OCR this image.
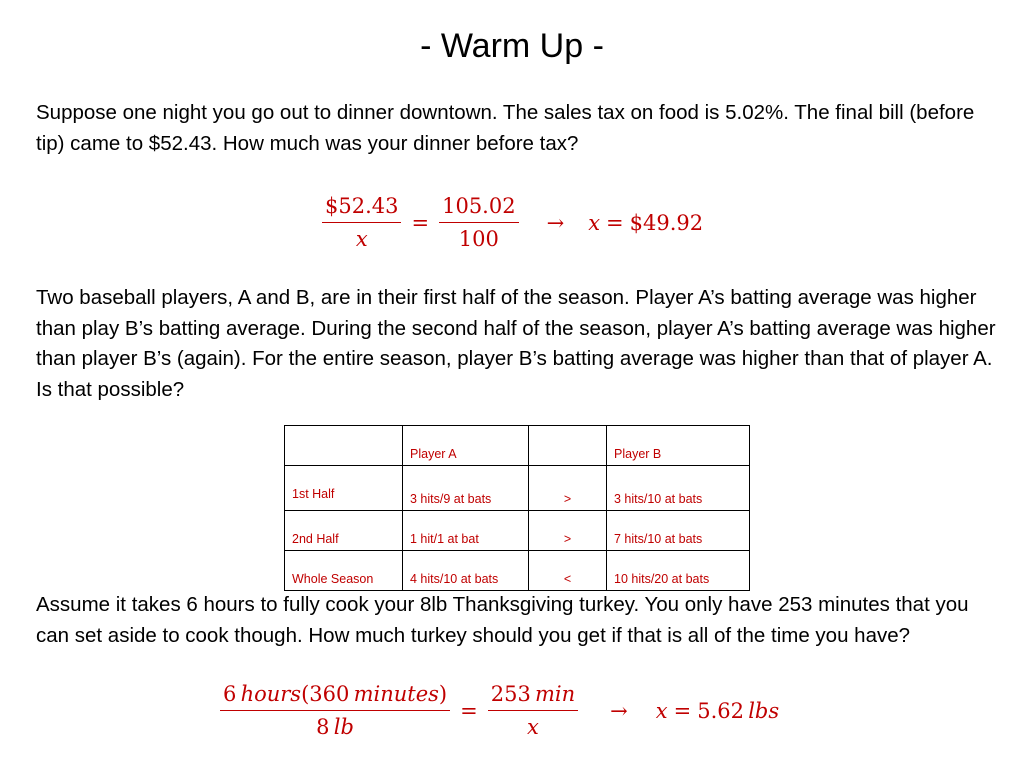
- Warm Up -
Suppose one night you go out to dinner downtown. The sales tax on food is 5.02%. The final bill (before tip) came to $52.43. How much was your dinner before tax?
$\frac{\$52.43}{x} = \frac{105.02}{100} \to x$ = $49.92
Two baseball players, A and B, are in their first half of the season. Player A’s batting average was higher than play B’s batting average. During the second half of the season, player A’s batting average was higher than player B’s (again). For the entire season, player B’s batting average was higher than that of player A. Is that possible?
	Player A		Player B
1st Half	3 hits/9 at bats	>	3 hits/10 at bats
2nd Half	1 hit/1 at bat	>	7 hits/10 at bats
Whole Season	4 hits/10 at bats	<	10 hits/20 at bats
Assume it takes 6 hours to fully cook your 8lb Thanksgiving turkey. You only have 253 minutes that you can set aside to cook though. How much turkey should you get if that is all of the time you have?
$\frac{\text{6  hours(360  minutes)}}{8 lb} = \frac{253 \min}{x} \to x = 5.62$
  lbs
